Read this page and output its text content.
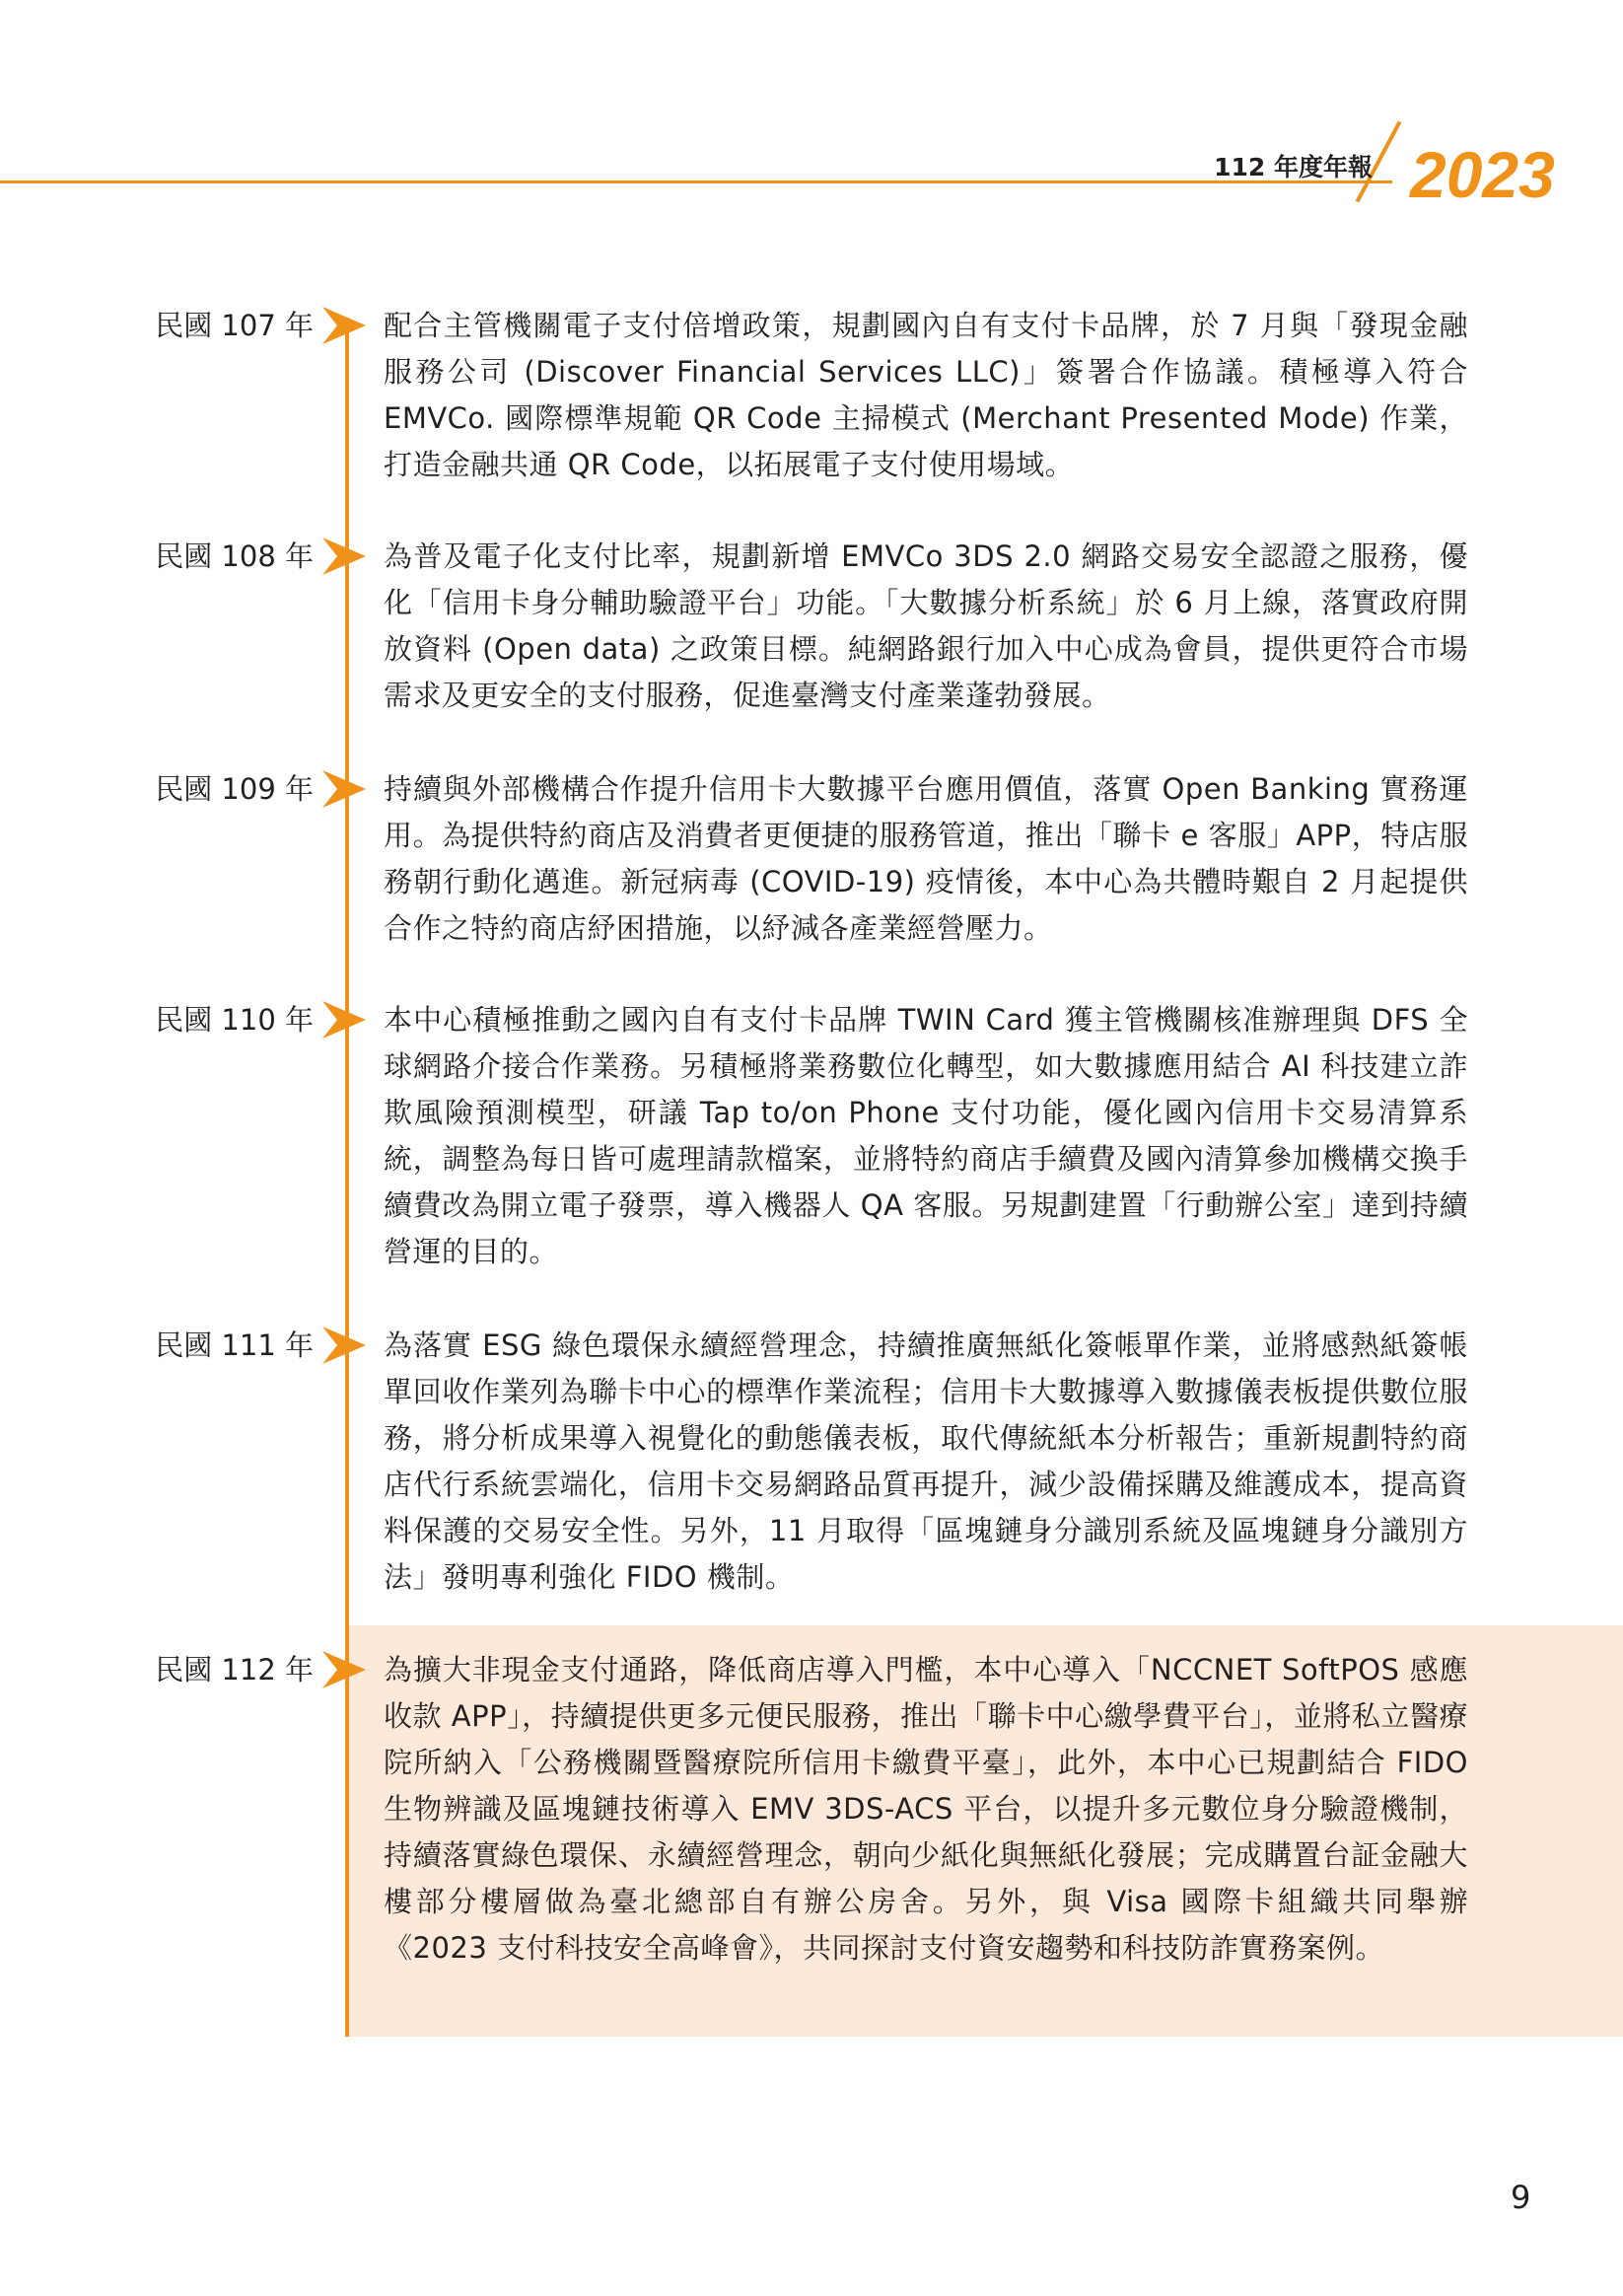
112 年度年報 2023
民國 107 年 配合主管機關電子支付倍增政策，規劃國內自有支付卡品牌，於 7 月與「發現金融服務公司 (Discover Financial Services LLC)」簽署合作協議。積極導入符合 EMVCo. 國際標準規範 QR Code 主掃模式 (Merchant Presented Mode) 作業，打造金融共通 QR Code，以拓展電子支付使用場域。

民國 108 年 為普及電子化支付比率，規劃新增 EMVCo 3DS 2.0 網路交易安全認證之服務，優化「信用卡身分輔助驗證平台」功能。「大數據分析系統」於 6 月上線，落實政府開放資料 (Open data) 之政策目標。純網路銀行加入中心成為會員，提供更符合市場需求及更安全的支付服務，促進臺灣支付產業蓬勃發展。

民國 109 年 持續與外部機構合作提升信用卡大數據平台應用價值，落實 Open Banking 實務運用。為提供特約商店及消費者更便捷的服務管道，推出「聯卡 e 客服」APP，特店服務朝行動化邁進。新冠病毒 (COVID-19) 疫情後，本中心為共體時艱自 2 月起提供合作之特約商店紓困措施，以紓減各產業經營壓力。

民國 110 年 本中心積極推動之國內自有支付卡品牌 TWIN Card 獲主管機關核准辦理與 DFS 全球網路介接合作業務。另積極將業務數位化轉型，如大數據應用結合 AI 科技建立詐欺風險預測模型，研議 Tap to/on Phone 支付功能，優化國內信用卡交易清算系統，調整為每日皆可處理請款檔案，並將特約商店手續費及國內清算參加機構交換手續費改為開立電子發票，導入機器人 QA 客服。另規劃建置「行動辦公室」達到持續營運的目的。

民國 111 年 為落實 ESG 綠色環保永續經營理念，持續推廣無紙化簽帳單作業，並將感熱紙簽帳單回收作業列為聯卡中心的標準作業流程；信用卡大數據導入數據儀表板提供數位服務，將分析成果導入視覺化的動態儀表板，取代傳統紙本分析報告；重新規劃特約商店代行系統雲端化，信用卡交易網路品質再提升，減少設備採購及維護成本，提高資料保護的交易安全性。另外，11 月取得「區塊鏈身分識別系統及區塊鏈身分識別方法」發明專利強化 FIDO 機制。

民國 112 年 為擴大非現金支付通路，降低商店導入門檻，本中心導入「NCCNET SoftPOS 感應收款 APP」，持續提供更多元便民服務，推出「聯卡中心繳學費平台」，並將私立醫療院所納入「公務機關暨醫療院所信用卡繳費平臺」，此外，本中心已規劃結合 FIDO 生物辨識及區塊鏈技術導入 EMV 3DS-ACS 平台，以提升多元數位身分驗證機制，持續落實綠色環保、永續經營理念，朝向少紙化與無紙化發展；完成購置台証金融大樓部分樓層做為臺北總部自有辦公房舍。另外，與 Visa 國際卡組織共同舉辦《2023 支付科技安全高峰會》，共同探討支付資安趨勢和科技防詐實務案例。

9
